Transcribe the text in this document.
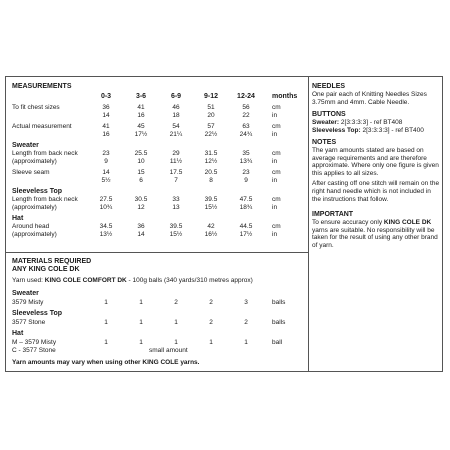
MEASUREMENTS
0-3	3-6	6-9	9-12	12-24	months
To fit chest sizes	36	41	46	51	56	cm
14	16	18	20	22	in
Actual measurement	41	45	54	57	63	cm
16	17½	21¼	22½	24¾	in
Sweater
Length from back neck
(approximately)
23	25.5	29	31.5	35	cm
9	10	11½	12½	13¾	in
Sleeve seam	14	15	17.5	20.5	23	cm
5½	6	7	8	9	in
Sleeveless Top
Length from back neck
(approximately)
27.5	30.5	33	39.5	47.5	cm
10¾	12	13	15½	18¾	in
Hat
Around head
(approximately)
34.5	36	39.5	42	44.5	cm
13½	14	15½	16½	17½	in
MATERIALS REQUIRED
ANY KING COLE DK
Yarn used: KING COLE COMFORT DK - 100g balls (340 yards/310 metres approx)
Sweater
3579 Misty	1	1	2	2	3	balls
Sleeveless Top
3577 Stone	1	1	1	2	2	balls
Hat
M – 3579 Misty	1	1	1	1	1	ball
C - 3577 Stone	small amount
Yarn amounts may vary when using other KING COLE yarns.
NEEDLES
One pair each of Knitting Needles Sizes 3.75mm and 4mm. Cable Needle.
BUTTONS
Sweater: 2[3:3:3:3] - ref BT408
Sleeveless Top: 2[3:3:3:3] - ref BT400
NOTES
The yarn amounts stated are based on average requirements and are therefore approximate. Where only one figure is given this applies to all sizes.
After casting off one stitch will remain on the right hand needle which is not included in the instructions that follow.
IMPORTANT
To ensure accuracy only KING COLE DK yarns are suitable. No responsibility will be taken for the result of using any other brand of yarn.
